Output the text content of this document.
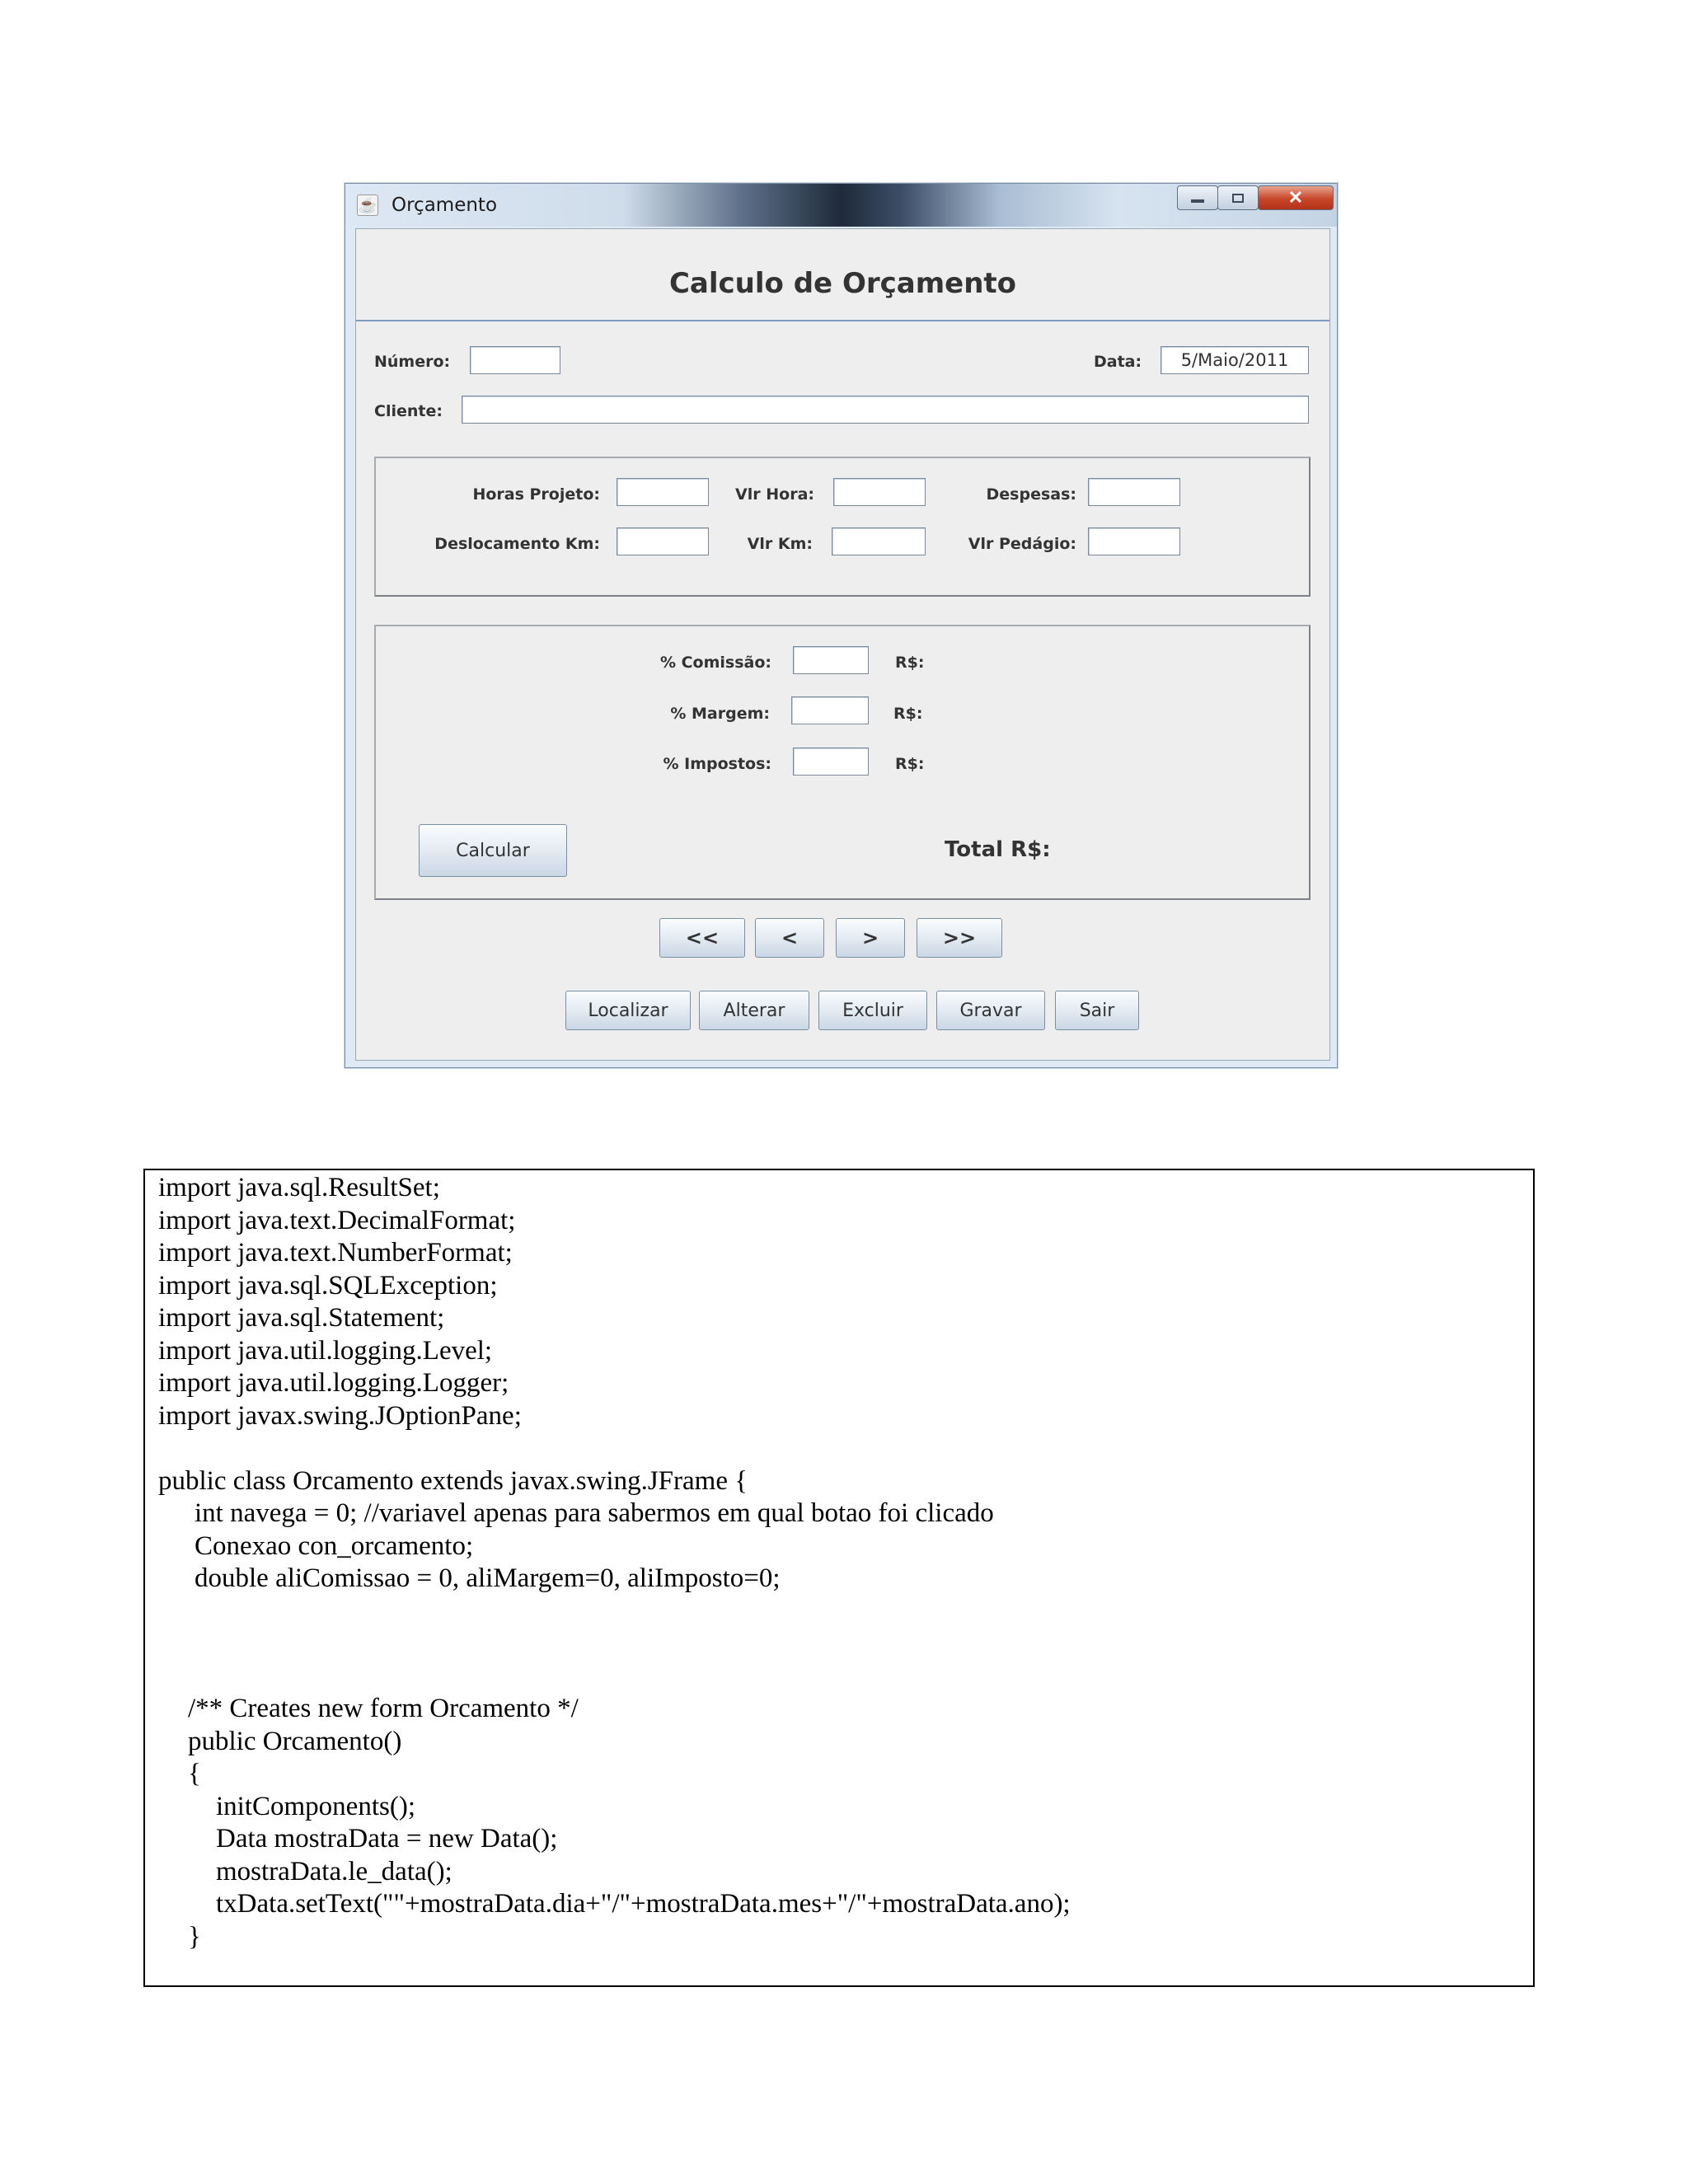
☕ Orçamento	✕
Calculo de Orçamento
Número:	Data:	5/Maio/2011
Cliente:
Horas Projeto:	Vlr Hora:	Despesas:
Deslocamento Km:	Vlr Km:	Vlr Pedágio:
% Comissão:	R$:
% Margem:	R$:
% Impostos:	R$:
Calcular	Total R$:
<<	<	>	>>
Localizar	Alterar	Excluir	Gravar	Sair
import java.sql.ResultSet;
import java.text.DecimalFormat;
import java.text.NumberFormat;
import java.sql.SQLException;
import java.sql.Statement;
import java.util.logging.Level;
import java.util.logging.Logger;
import javax.swing.JOptionPane;
public class Orcamento extends javax.swing.JFrame {
int navega = 0; //variavel apenas para sabermos em qual botao foi clicado
Conexao con_orcamento;
double aliComissao = 0, aliMargem=0, aliImposto=0;
/** Creates new form Orcamento */
public Orcamento()
{
initComponents();
Data mostraData = new Data();
mostraData.le_data();
txData.setText(""+mostraData.dia+"/"+mostraData.mes+"/"+mostraData.ano);
}
